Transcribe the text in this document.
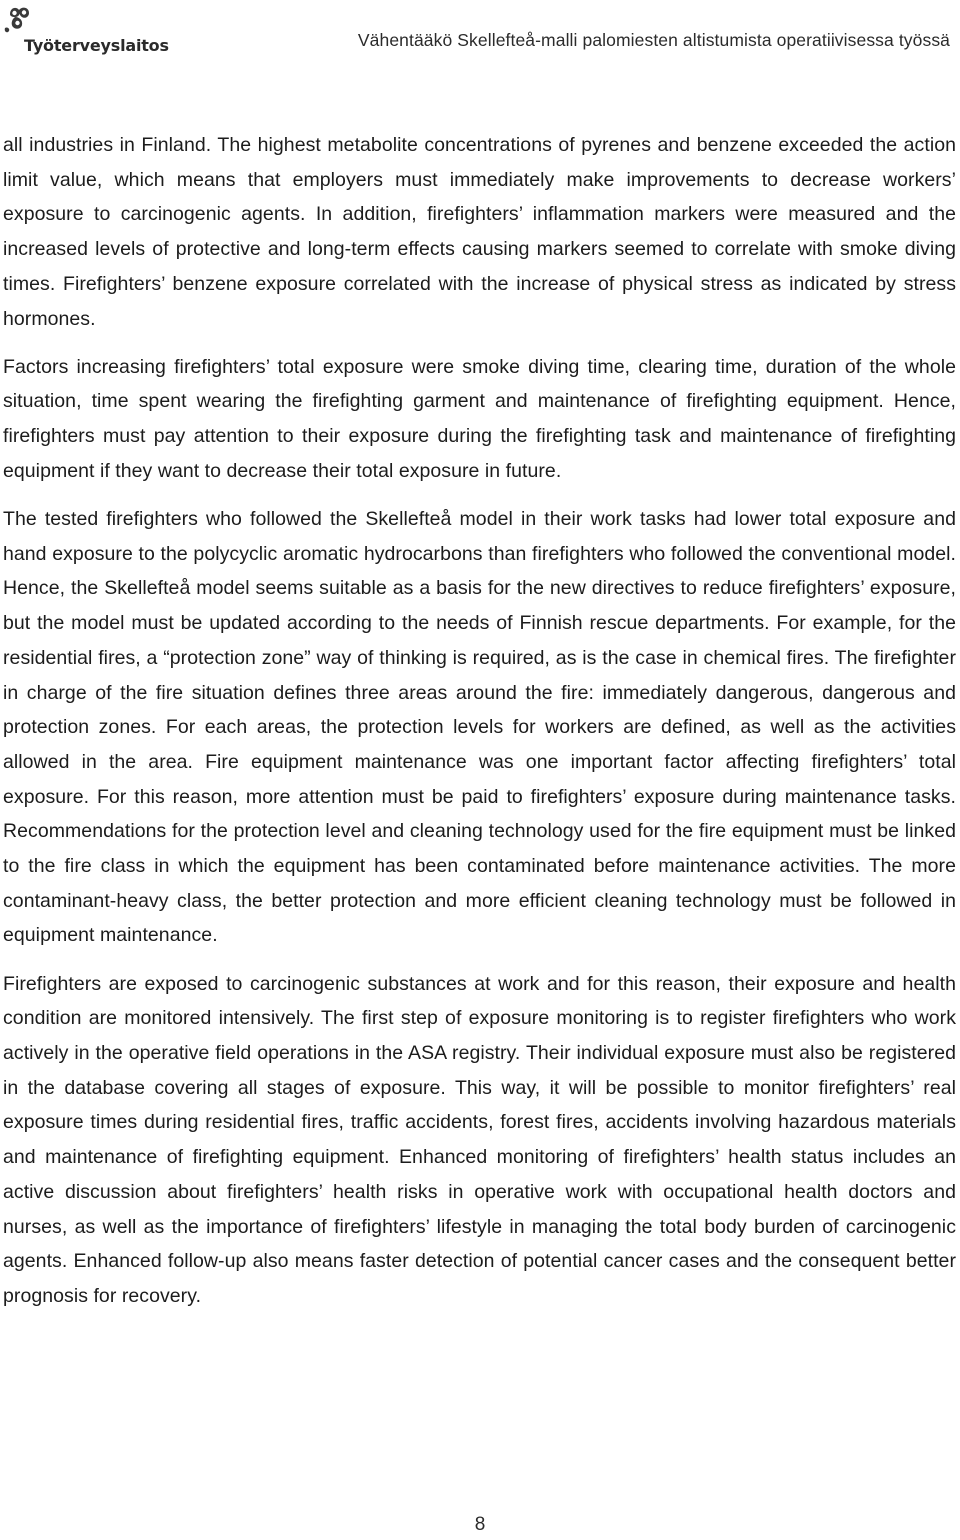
Työterveyslaitos	Vähentääkö Skellefteå-malli palomiesten altistumista operatiivisessa työssä

all industries in Finland. The highest metabolite concentrations of pyrenes and benzene exceeded the action limit value, which means that employers must immediately make improvements to decrease workers’ exposure to carcinogenic agents. In addition, firefighters’ inflammation markers were measured and the increased levels of protective and long-term effects causing markers seemed to correlate with smoke diving times. Firefighters’ benzene exposure correlated with the increase of physical stress as indicated by stress hormones.

Factors increasing firefighters’ total exposure were smoke diving time, clearing time, duration of the whole situation, time spent wearing the firefighting garment and maintenance of firefighting equipment. Hence, firefighters must pay attention to their exposure during the firefighting task and maintenance of firefighting equipment if they want to decrease their total exposure in future.

The tested firefighters who followed the Skellefteå model in their work tasks had lower total exposure and hand exposure to the polycyclic aromatic hydrocarbons than firefighters who followed the conventional model. Hence, the Skellefteå model seems suitable as a basis for the new directives to reduce firefighters’ exposure, but the model must be updated according to the needs of Finnish rescue departments. For example, for the residential fires, a “protection zone” way of thinking is required, as is the case in chemical fires. The firefighter in charge of the fire situation defines three areas around the fire: immediately dangerous, dangerous and protection zones. For each areas, the protection levels for workers are defined, as well as the activities allowed in the area. Fire equipment maintenance was one important factor affecting firefighters’ total exposure. For this reason, more attention must be paid to firefighters’ exposure during maintenance tasks. Recommendations for the protection level and cleaning technology used for the fire equipment must be linked to the fire class in which the equipment has been contaminated before maintenance activities. The more contaminant-heavy class, the better protection and more efficient cleaning technology must be followed in equipment maintenance.

Firefighters are exposed to carcinogenic substances at work and for this reason, their exposure and health condition are monitored intensively. The first step of exposure monitoring is to register firefighters who work actively in the operative field operations in the ASA registry. Their individual exposure must also be registered in the database covering all stages of exposure. This way, it will be possible to monitor firefighters’ real exposure times during residential fires, traffic accidents, forest fires, accidents involving hazardous materials and maintenance of firefighting equipment. Enhanced monitoring of firefighters’ health status includes an active discussion about firefighters’ health risks in operative work with occupational health doctors and nurses, as well as the importance of firefighters’ lifestyle in managing the total body burden of carcinogenic agents. Enhanced follow-up also means faster detection of potential cancer cases and the consequent better prognosis for recovery.

8
